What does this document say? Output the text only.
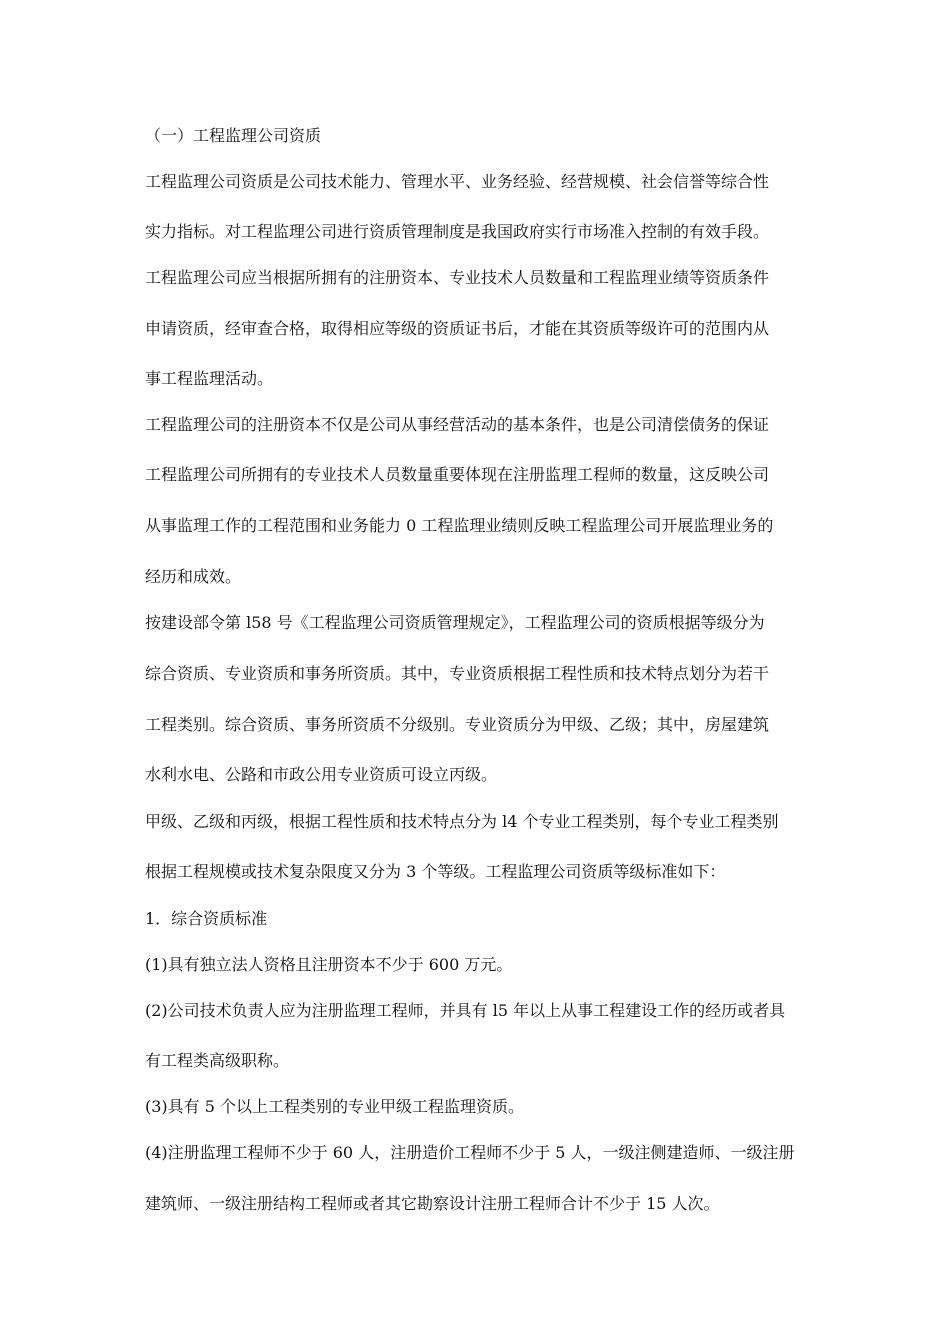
（一）工程监理公司资质
工程监理公司资质是公司技术能力、管理水平、业务经验、经营规模、社会信誉等综合性
实力指标。对工程监理公司进行资质管理制度是我国政府实行市场准入控制的有效手段。
工程监理公司应当根据所拥有的注册资本、专业技术人员数量和工程监理业绩等资质条件
申请资质，经审查合格，取得相应等级的资质证书后，才能在其资质等级许可的范围内从
事工程监理活动。
工程监理公司的注册资本不仅是公司从事经营活动的基本条件，也是公司清偿债务的保证
工程监理公司所拥有的专业技术人员数量重要体现在注册监理工程师的数量，这反映公司
从事监理工作的工程范围和业务能力 0 工程监理业绩则反映工程监理公司开展监理业务的
经历和成效。
按建设部令第 l58 号《工程监理公司资质管理规定》，工程监理公司的资质根据等级分为
综合资质、专业资质和事务所资质。其中，专业资质根据工程性质和技术特点划分为若干
工程类别。综合资质、事务所资质不分级别。专业资质分为甲级、乙级；其中，房屋建筑
水利水电、公路和市政公用专业资质可设立丙级。
甲级、乙级和丙级，根据工程性质和技术特点分为 l4 个专业工程类别，每个专业工程类别
根据工程规模或技术复杂限度又分为 3 个等级。工程监理公司资质等级标准如下：
1．综合资质标准
(1)具有独立法人资格且注册资本不少于 600 万元。
(2)公司技术负责人应为注册监理工程师，并具有 l5 年以上从事工程建设工作的经历或者具
有工程类高级职称。
(3)具有 5 个以上工程类别的专业甲级工程监理资质。
(4)注册监理工程师不少于 60 人，注册造价工程师不少于 5 人，一级注侧建造师、一级注册
建筑师、一级注册结构工程师或者其它勘察设计注册工程师合计不少于 15 人次。
